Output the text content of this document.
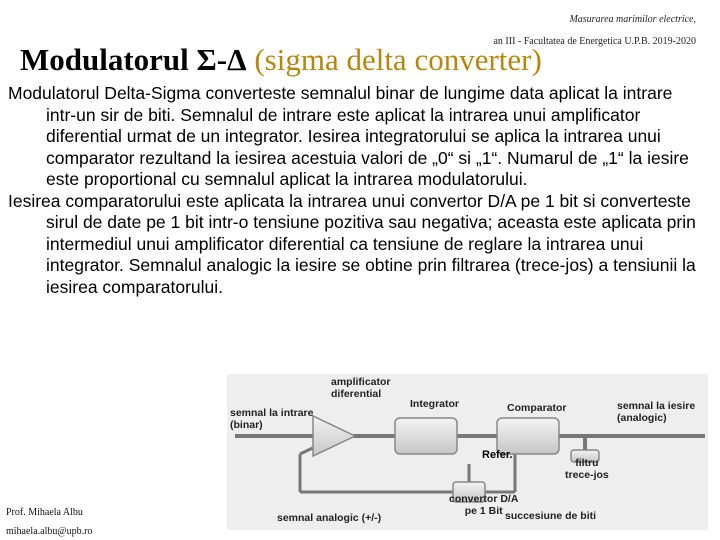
Masurarea marimilor electrice,
an III - Facultatea de Energetica U.P.B. 2019-2020
Modulatorul Σ-Δ (sigma delta converter)

Modulatorul Delta-Sigma converteste semnalul binar de lungime data aplicat la intrare intr-un sir de biti. Semnalul de intrare este aplicat la intrarea unui amplificator diferential urmat de un integrator. Iesirea integratorului se aplica la intrarea unui comparator rezultand la iesirea acestuia valori de „0“ si „1“. Numarul de „1“ la iesire este proportional cu semnalul aplicat la intrarea modulatorului.

Iesirea comparatorului este aplicata la intrarea unui convertor D/A pe 1 bit si converteste sirul de date pe 1 bit intr-o tensiune pozitiva sau negativa; aceasta este aplicata prin intermediul unui amplificator diferential ca tensiune de reglare la intrarea unui integrator. Semnalul analogic la iesire se obtine prin filtrarea (trece-jos) a tensiunii la iesirea comparatorului.

semnal la intrare
(binar)
amplificator
diferential
Integrator	Comparator	semnal la iesire
(analogic)
Refer.
filtru
trece-jos
convertor D/A
pe 1 Bit succesiune de biti
semnal analogic (+/-)
Prof. Mihaela Albu
mihaela.albu@upb.ro
